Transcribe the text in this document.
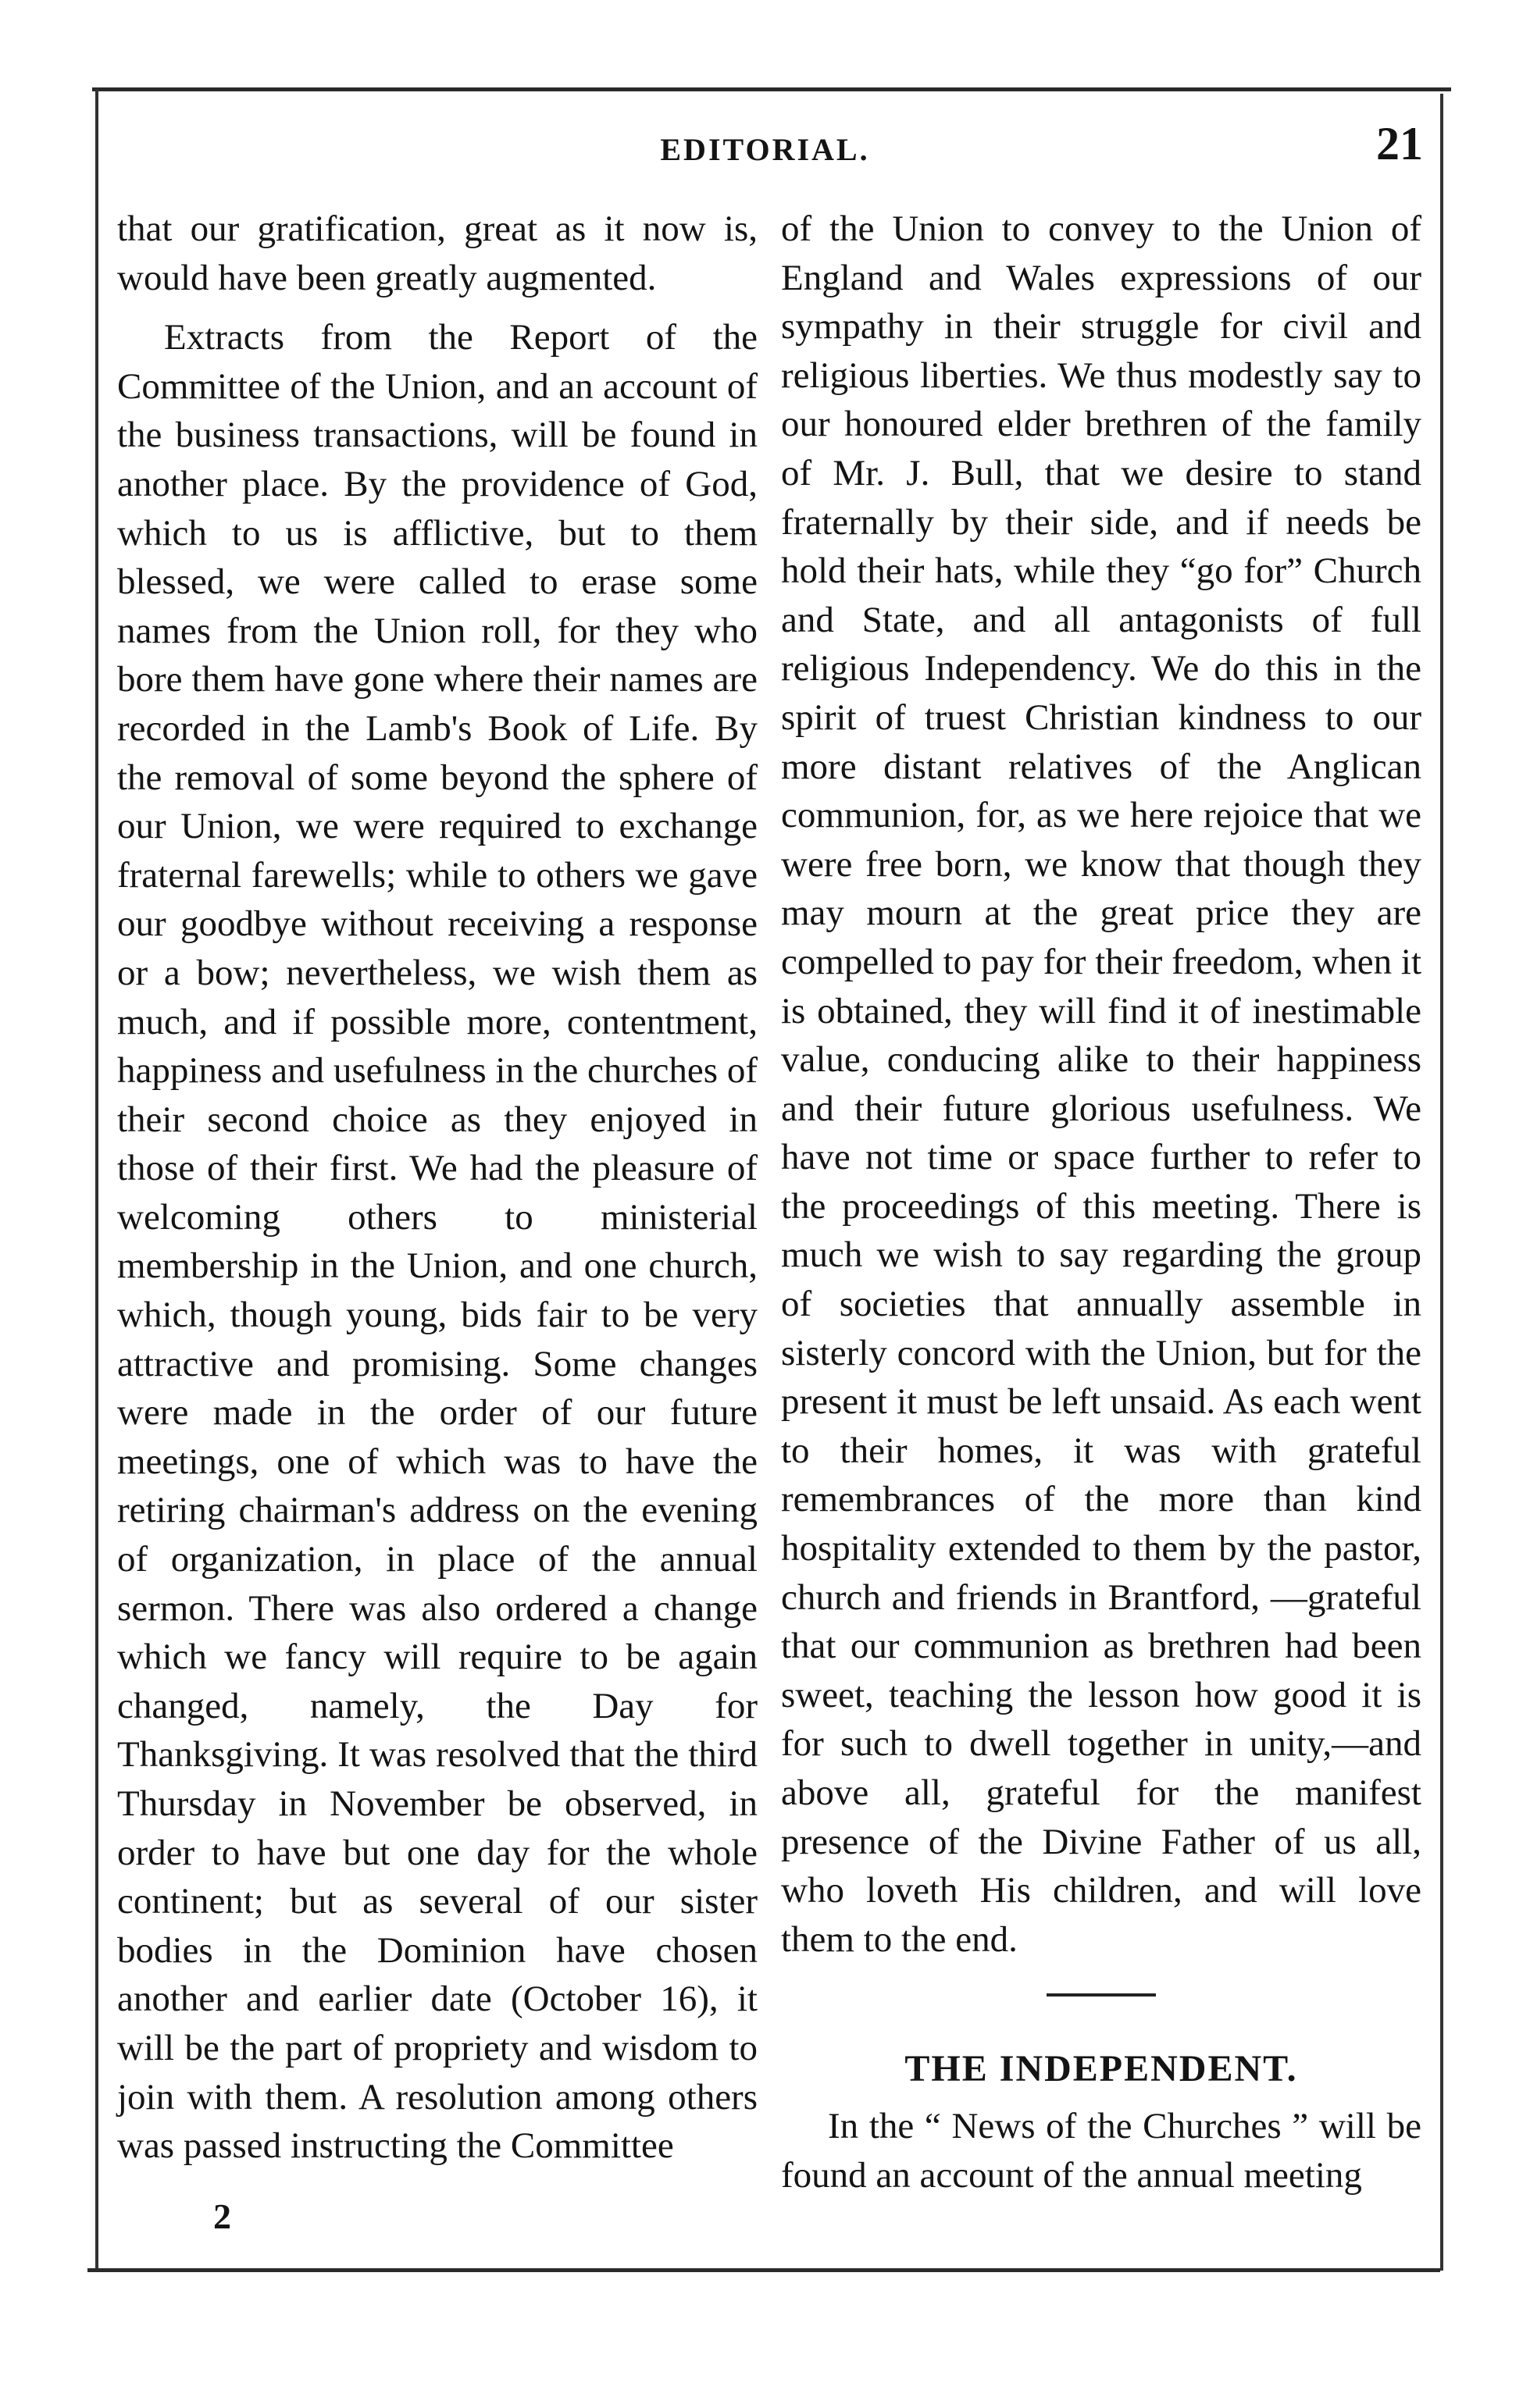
EDITORIAL.	21

that our gratification, great as it now is, would have been greatly augmented.

Extracts from the Report of the Committee of the Union, and an account of the business transactions, will be found in another place. By the providence of God, which to us is afflictive, but to them blessed, we were called to erase some names from the Union roll, for they who bore them have gone where their names are recorded in the Lamb's Book of Life. By the removal of some beyond the sphere of our Union, we were required to exchange fraternal farewells; while to others we gave our goodbye without receiving a response or a bow; nevertheless, we wish them as much, and if possible more, contentment, happiness and usefulness in the churches of their second choice as they enjoyed in those of their first. We had the pleasure of welcoming others to ministerial membership in the Union, and one church, which, though young, bids fair to be very attractive and promising. Some changes were made in the order of our future meetings, one of which was to have the retiring chairman's address on the evening of organization, in place of the annual sermon. There was also ordered a change which we fancy will require to be again changed, namely, the Day for Thanksgiving. It was resolved that the third Thursday in November be observed, in order to have but one day for the whole continent; but as several of our sister bodies in the Dominion have chosen another and earlier date (October 16), it will be the part of propriety and wisdom to join with them. A resolution among others was passed instructing the Committee

of the Union to convey to the Union of England and Wales expressions of our sympathy in their struggle for civil and religious liberties. We thus modestly say to our honoured elder brethren of the family of Mr. J. Bull, that we desire to stand fraternally by their side, and if needs be hold their hats, while they “go for” Church and State, and all antagonists of full religious Independency. We do this in the spirit of truest Christian kindness to our more distant relatives of the Anglican communion, for, as we here rejoice that we were free born, we know that though they may mourn at the great price they are compelled to pay for their freedom, when it is obtained, they will find it of inestimable value, conducing alike to their happiness and their future glorious usefulness. We have not time or space further to refer to the proceedings of this meeting. There is much we wish to say regarding the group of societies that annually assemble in sisterly concord with the Union, but for the present it must be left unsaid. As each went to their homes, it was with grateful remembrances of the more than kind hospitality extended to them by the pastor, church and friends in Brantford, —grateful that our communion as brethren had been sweet, teaching the lesson how good it is for such to dwell together in unity,—and above all, grateful for the manifest presence of the Divine Father of us all, who loveth His children, and will love them to the end.

THE INDEPENDENT.

In the “ News of the Churches ” will be found an account of the annual meeting

2
